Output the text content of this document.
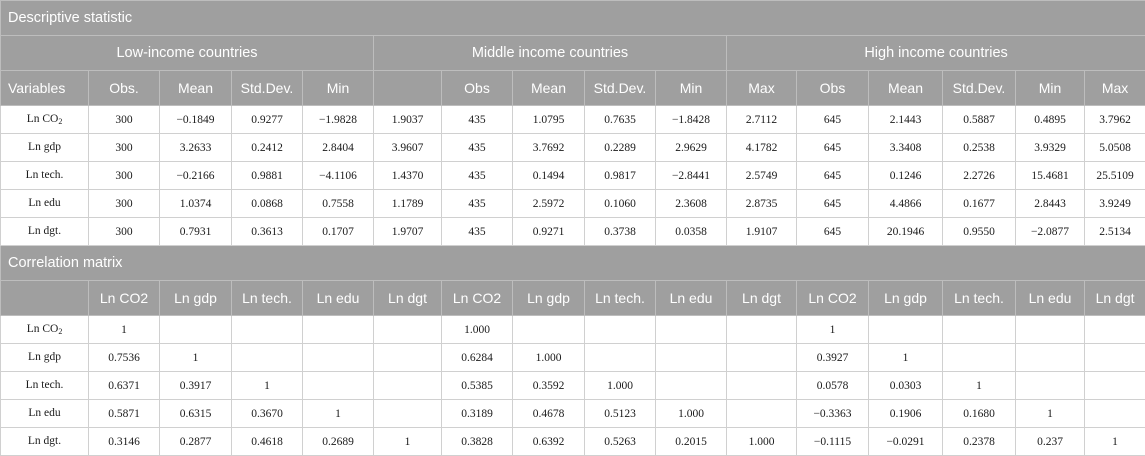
Descriptive statistic															
Low-income countries					Middle income countries					High income countries					
Variables	Obs.	Mean	Std.Dev.	Min		Obs	Mean	Std.Dev.	Min	Max	Obs	Mean	Std.Dev.	Min	Max
Ln $CO_2$	300	−0.1849	0.9277	−1.9828	1.9037	435	1.0795	0.7635	−1.8428	2.7112	645	2.1443	0.5887	0.4895	3.7962
Ln gdp	300	3.2633	0.2412	2.8404	3.9607	435	3.7692	0.2289	2.9629	4.1782	645	3.3408	0.2538	3.9329	5.0508
Ln tech.	300	−0.2166	0.9881	−4.1106	1.4370	435	0.1494	0.9817	−2.8441	2.5749	645	0.1246	2.2726	15.4681	25.5109
Ln edu	300	1.0374	0.0868	0.7558	1.1789	435	2.5972	0.1060	2.3608	2.8735	645	4.4866	0.1677	2.8443	3.9249
Ln dgt.	300	0.7931	0.3613	0.1707	1.9707	435	0.9271	0.3738	0.0358	1.9107	645	20.1946	0.9550	−2.0877	2.5134
Correlation matrix															
	Ln CO2	Ln gdp	Ln tech.	Ln edu	Ln dgt	Ln CO2	Ln gdp	Ln tech.	Ln edu	Ln dgt	Ln CO2	Ln gdp	Ln tech.	Ln edu	Ln dgt
Ln $CO_2$	1					1.000					1				
Ln gdp	0.7536	1				0.6284	1.000				0.3927	1			
Ln tech.	0.6371	0.3917	1			0.5385	0.3592	1.000			0.0578	0.0303	1		
Ln edu	0.5871	0.6315	0.3670	1		0.3189	0.4678	0.5123	1.000		−0.3363	0.1906	0.1680	1	
Ln dgt.	0.3146	0.2877	0.4618	0.2689	1	0.3828	0.6392	0.5263	0.2015	1.000	−0.1115	−0.0291	0.2378	0.237	1
